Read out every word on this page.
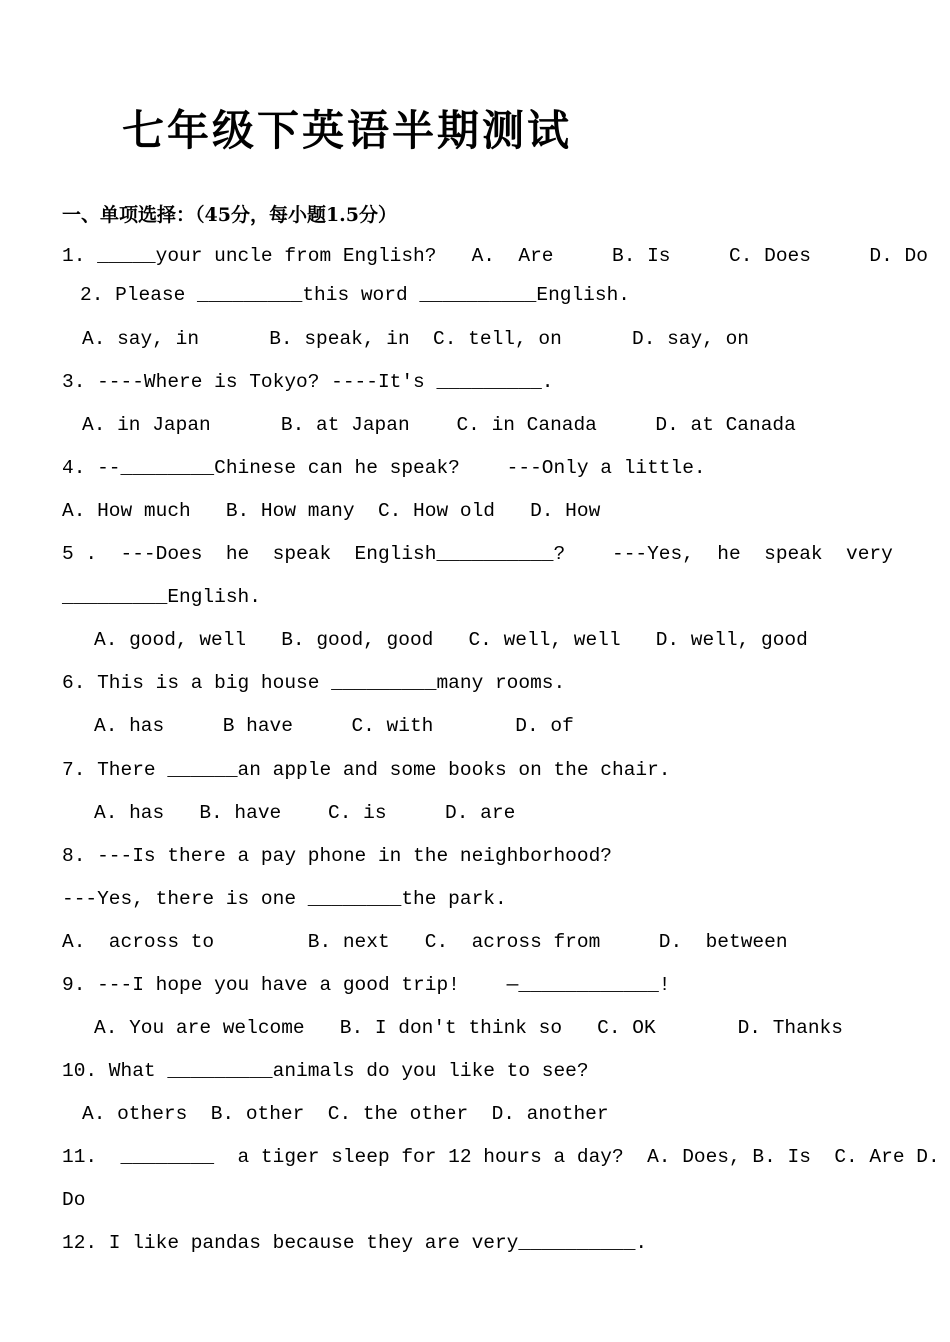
七年级下英语半期测试
一、单项选择：（45分，每小题1.5分）
1. _____your uncle from English?   A.  Are     B. Is     C. Does     D. Do
2. Please _________this word __________English.
A. say, in      B. speak, in  C. tell, on      D. say, on
3. ----Where is Tokyo? ----It's _________.
A. in Japan      B. at Japan    C. in Canada     D. at Canada
4. --________Chinese can he speak?    ---Only a little.
A. How much   B. How many  C. How old   D. How
5 .  ---Does  he  speak  English__________?    ---Yes,  he  speak  very
_________English.
A. good, well   B. good, good   C. well, well   D. well, good
6. This is a big house _________many rooms.
A. has     B have     C. with       D. of
7. There ______an apple and some books on the chair.
A. has   B. have    C. is     D. are
8. ---Is there a pay phone in the neighborhood?
---Yes, there is one ________the park.
A.  across to        B. next   C.  across from     D.  between
9. ---I hope you have a good trip!    —____________!
A. You are welcome   B. I don't think so   C. OK       D. Thanks
10. What _________animals do you like to see?
A. others  B. other  C. the other  D. another
11.  ________  a tiger sleep for 12 hours a day?  A. Does, B. Is  C. Are D.
Do
12. I like pandas because they are very__________.
